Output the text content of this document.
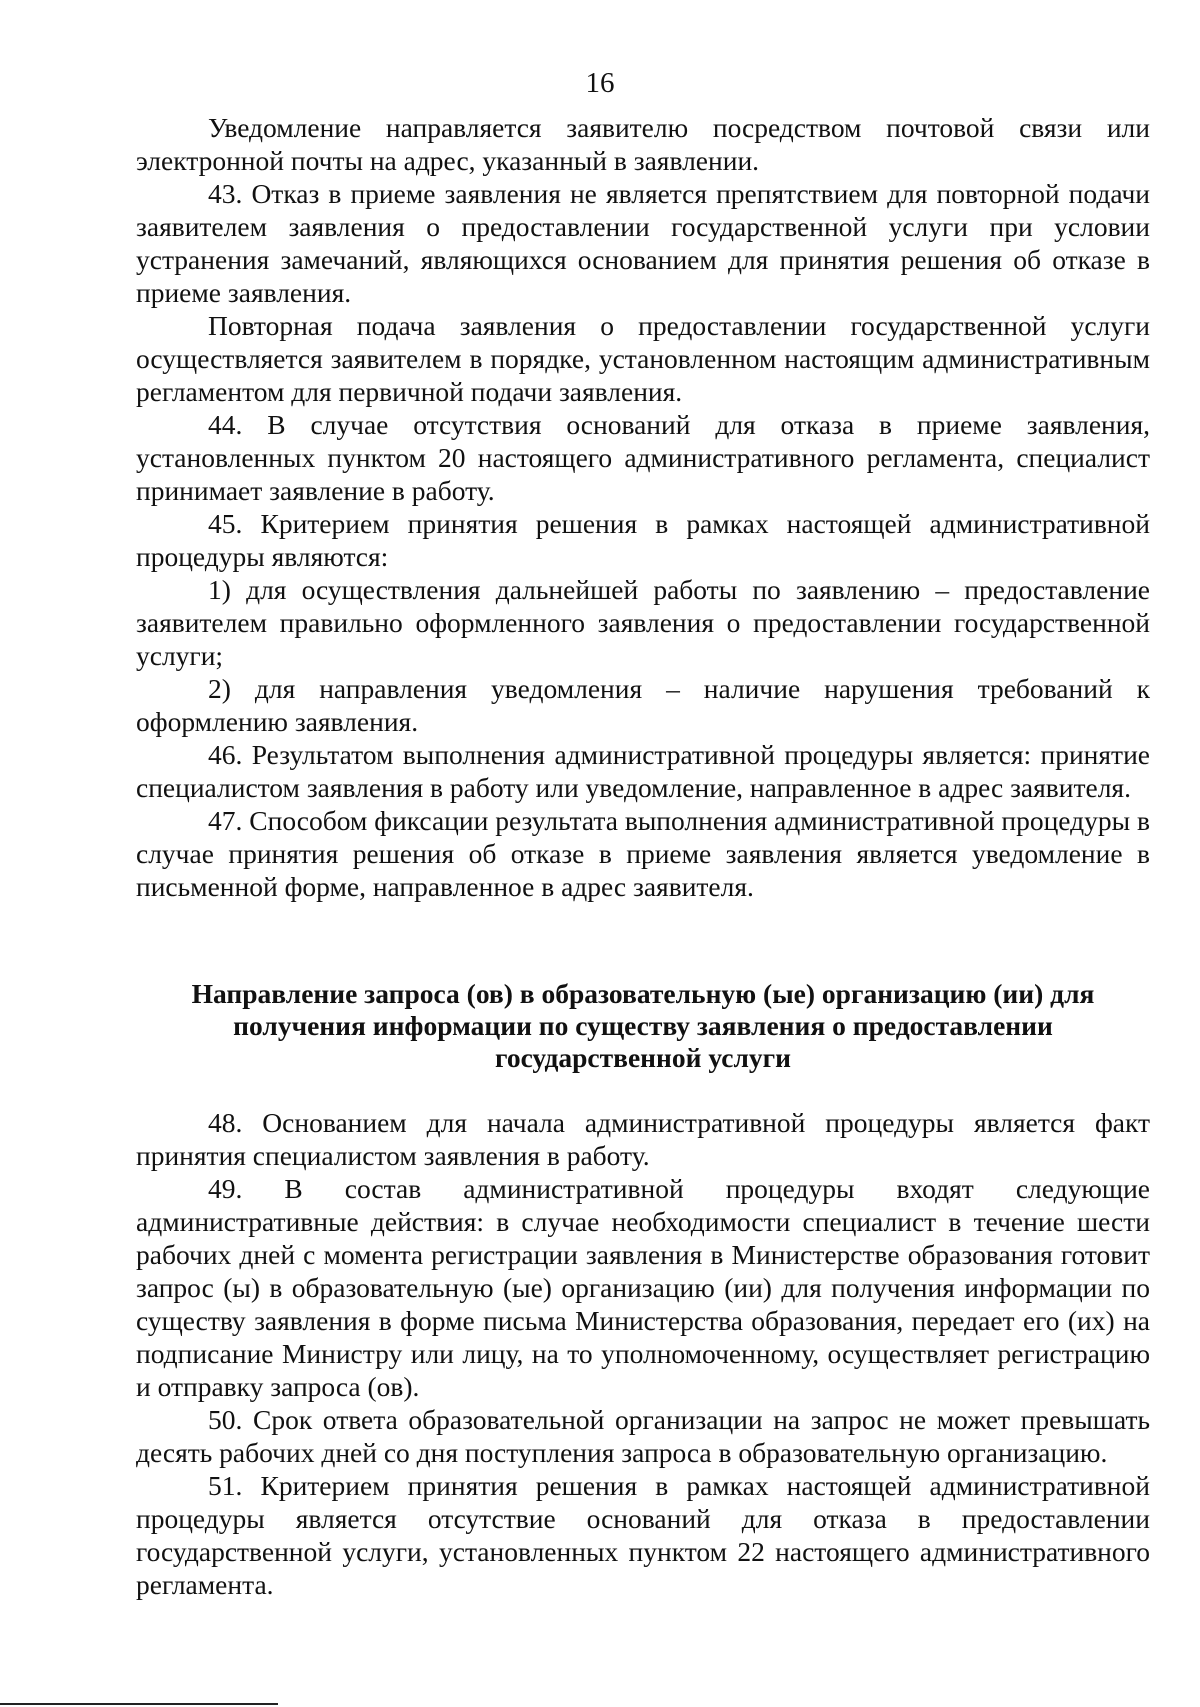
16

Уведомление направляется заявителю посредством почтовой связи или электронной почты на адрес, указанный в заявлении.

43. Отказ в приеме заявления не является препятствием для повторной подачи заявителем заявления о предоставлении государственной услуги при условии устранения замечаний, являющихся основанием для принятия решения об отказе в приеме заявления.

Повторная подача заявления о предоставлении государственной услуги осуществляется заявителем в порядке, установленном настоящим административным регламентом для первичной подачи заявления.

44. В случае отсутствия оснований для отказа в приеме заявления, установленных пунктом 20 настоящего административного регламента, специалист принимает заявление в работу.

45. Критерием принятия решения в рамках настоящей административной процедуры являются:

1) для осуществления дальнейшей работы по заявлению – предоставление заявителем правильно оформленного заявления о предоставлении государственной услуги;

2) для направления уведомления – наличие нарушения требований к оформлению заявления.

46. Результатом выполнения административной процедуры является: принятие специалистом заявления в работу или уведомление, направленное в адрес заявителя.

47. Способом фиксации результата выполнения административной процедуры в случае принятия решения об отказе в приеме заявления является уведомление в письменной форме, направленное в адрес заявителя.

Направление запроса (ов) в образовательную (ые) организацию (ии) для получения информации по существу заявления о предоставлении государственной услуги

48. Основанием для начала административной процедуры является факт принятия специалистом заявления в работу.

49. В состав административной процедуры входят следующие административные действия: в случае необходимости специалист в течение шести рабочих дней с момента регистрации заявления в Министерстве образования готовит запрос (ы) в образовательную (ые) организацию (ии) для получения информации по существу заявления в форме письма Министерства образования, передает его (их) на подписание Министру или лицу, на то уполномоченному, осуществляет регистрацию и отправку запроса (ов).

50. Срок ответа образовательной организации на запрос не может превышать десять рабочих дней со дня поступления запроса в образовательную организацию.

51. Критерием принятия решения в рамках настоящей административной процедуры является отсутствие оснований для отказа в предоставлении государственной услуги, установленных пунктом 22 настоящего административного регламента.
